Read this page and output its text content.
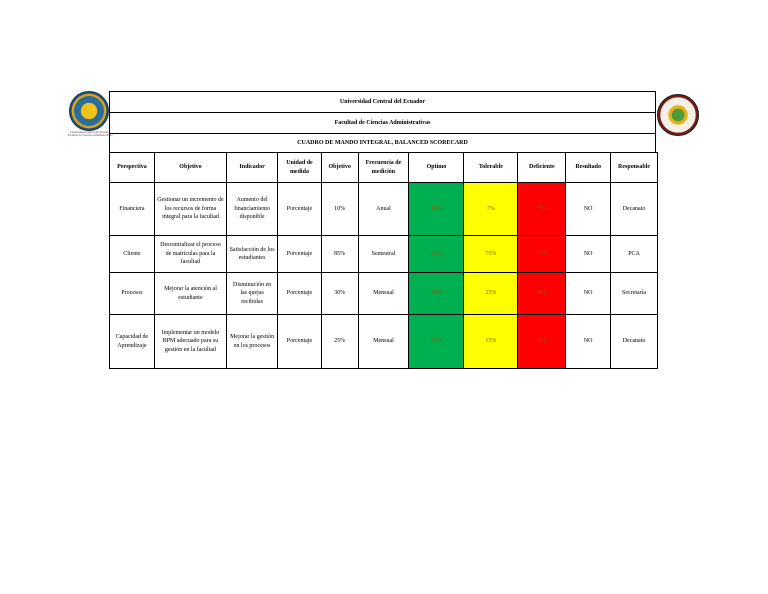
Universidad Central del Ecuador
Facultad de Ciencias Administrativas
Universidad Central del Ecuador
Facultad de Ciencias Administrativas
CUADRO DE MANDO INTEGRAL, BALANCED SCORECARD
Perspectiva	Objetivo	Indicador	Unidad de medida	Objetivo	Frecuencia de medición	Optimo	Tolerable	Deficiente	Resultado	Responsable
Financiera	Gestionar un incremento de los recursos de forma integral para la facultad	Aumento del financiamiento disponible	Porcentaje	10%	Anual	10%	7%	5%	NO	Decanato
Cliente	Descentralizar el proceso de matrículas para la facultad	Satisfacción de los estudiantes	Porcentaje	85%	Semestral	85%	75%	70%	NO	PCA
Procesos	Mejorar la atención al estudiante	Disminución en las quejas recibidas	Porcentaje	30%	Mensual	30%	25%	20%	NO	Secretaría
Capacidad de Aprendizaje	Implementar un modelo BPM adecuado para su gestión en la facultad	Mejorar la gestión en los procesos	Porcentaje	25%	Mensual	25%	15%	10%	NO	Decanato
